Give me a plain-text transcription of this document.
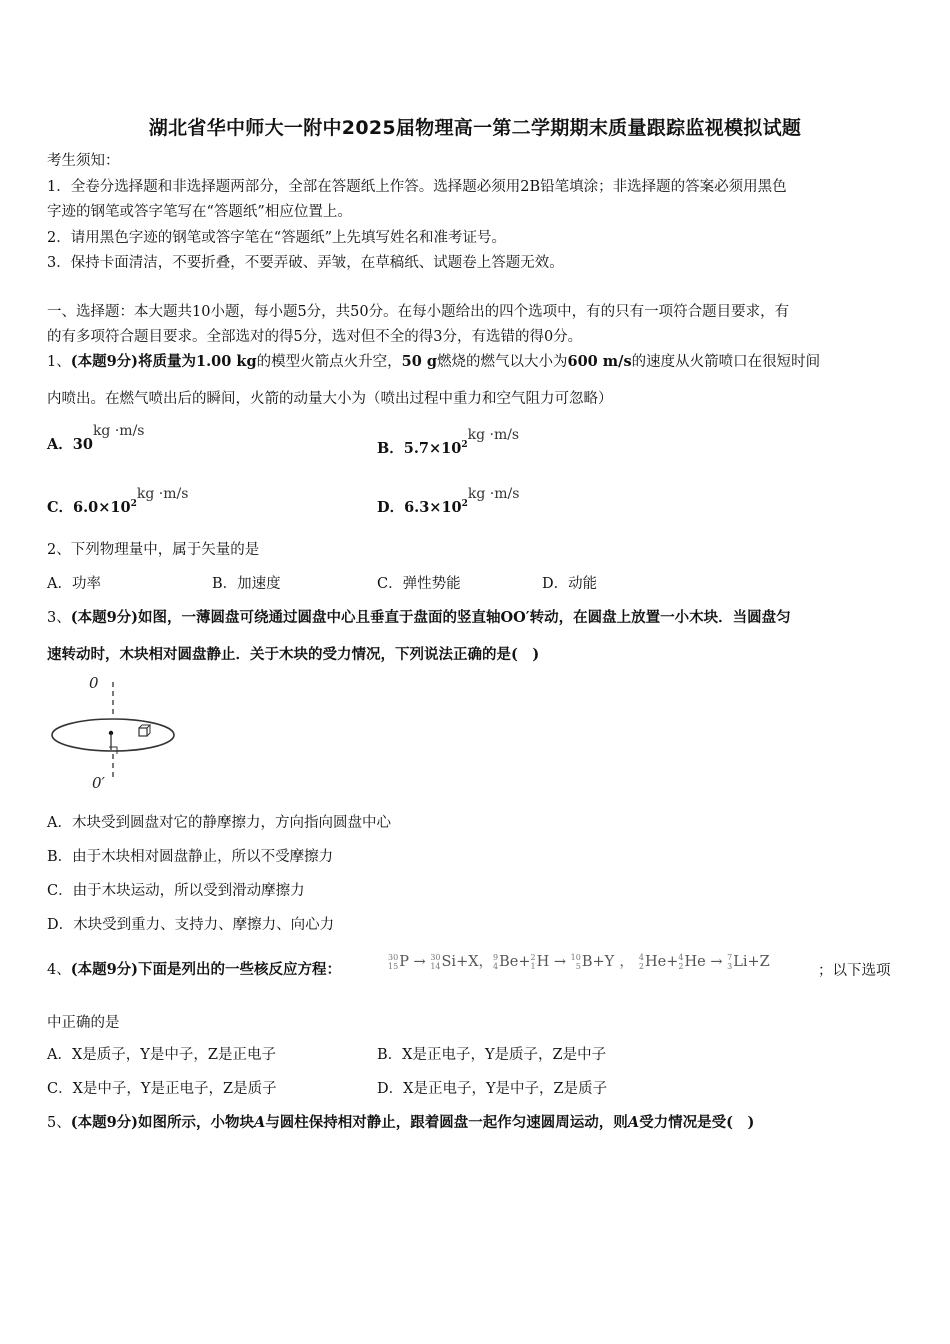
湖北省华中师大一附中2025届物理高一第二学期期末质量跟踪监视模拟试题
考生须知：
1．全卷分选择题和非选择题两部分，全部在答题纸上作答。选择题必须用2B铅笔填涂；非选择题的答案必须用黑色
字迹的钢笔或答字笔写在“答题纸”相应位置上。
2．请用黑色字迹的钢笔或答字笔在“答题纸”上先填写姓名和准考证号。
3．保持卡面清洁，不要折叠，不要弄破、弄皱，在草稿纸、试题卷上答题无效。
一、选择题：本大题共10小题，每小题5分，共50分。在每小题给出的四个选项中，有的只有一项符合题目要求，有
的有多项符合题目要求。全部选对的得5分，选对但不全的得3分，有选错的得0分。
1、(本题9分)将质量为1.00 kg的模型火箭点火升空，50 g燃烧的燃气以大小为600 m/s的速度从火箭喷口在很短时间
内喷出。在燃气喷出后的瞬间，火箭的动量大小为（喷出过程中重力和空气阻力可忽略）
A．30kg ·m/s
B．$5.7\times 10^2kg \cdot m/s$
C．$6.0\times 10^2kg \cdot m/s$
D．$6.3\times 10^2kg \cdot m/s$
2、下列物理量中，属于矢量的是
A．功率	B．加速度	C．弹性势能	D．动能
3、(本题9分)如图，一薄圆盘可绕通过圆盘中心且垂直于盘面的竖直轴OO′转动，在圆盘上放置一小木块．当圆盘匀
速转动时，木块相对圆盘静止．关于木块的受力情况，下列说法正确的是(　)
0
0′
A．木块受到圆盘对它的静摩擦力，方向指向圆盘中心
B．由于木块相对圆盘静止，所以不受摩擦力
C．由于木块运动，所以受到滑动摩擦力
D．木块受到重力、支持力、摩擦力、向心力
4、(本题9分)下面是列出的一些核反应方程：
30
15P → 30
14Si+X，9
4Be+2
1H → 10
5B+Y ， 4
2He+4
2He → 7
3Li+Z
；以下选项
中正确的是
A．X是质子，Y是中子，Z是正电子	B．X是正电子，Y是质子，Z是中子
C．X是中子，Y是正电子，Z是质子	D．X是正电子，Y是中子，Z是质子
5、(本题9分)如图所示，小物块A与圆柱保持相对静止，跟着圆盘一起作匀速圆周运动，则A受力情况是受(　)
